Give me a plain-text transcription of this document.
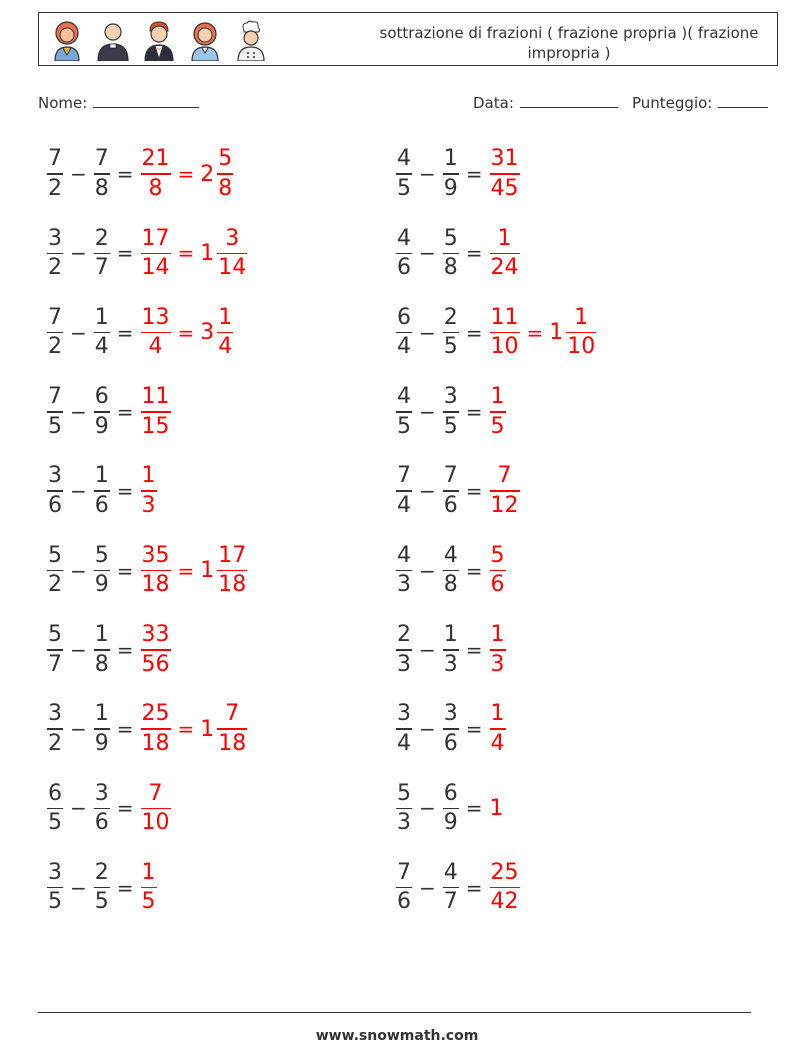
sottrazione di frazioni ( frazione propria )( frazione impropria )
Nome:	Data:	Punteggio:
$\frac{7}{2} - \frac{7}{8} = \frac{21}{8} = 2 \frac{5}{8}$	$\frac{4}{5} - \frac{1}{9} = \frac{31}{45}$
$\frac{3}{2} - \frac{2}{7} = \frac{17}{14} = 1 \frac{3}{14}$	$\frac{4}{6} - \frac{5}{8} = \frac{1}{24}$
$\frac{7}{2} - \frac{1}{4} = \frac{13}{4} = 3 \frac{1}{4}$	$\frac{6}{4} - \frac{2}{5} = \frac{11}{10} = 1 \frac{1}{10}$
$\frac{7}{5} - \frac{6}{9} = \frac{11}{15}$	$\frac{4}{5} - \frac{3}{5} = \frac{1}{5}$
$\frac{3}{6} - \frac{1}{6} = \frac{1}{3}$	$\frac{7}{4} - \frac{7}{6} = \frac{7}{12}$
$\frac{5}{2} - \frac{5}{9} = \frac{35}{18} = 1 \frac{17}{18}$	$\frac{4}{3} - \frac{4}{8} = \frac{5}{6}$
$\frac{5}{7} - \frac{1}{8} = \frac{33}{56}$	$\frac{2}{3} - \frac{1}{3} = \frac{1}{3}$
$\frac{3}{2} - \frac{1}{9} = \frac{25}{18} = 1 \frac{7}{18}$	$\frac{3}{4} - \frac{3}{6} = \frac{1}{4}$
$\frac{6}{5} - \frac{3}{6} = \frac{7}{10}$	$\frac{5}{3} - \frac{6}{9} = 1$
$\frac{3}{5} - \frac{2}{5} = \frac{1}{5}$	$\frac{7}{6} - \frac{4}{7} = \frac{25}{42}$
www.snowmath.com
